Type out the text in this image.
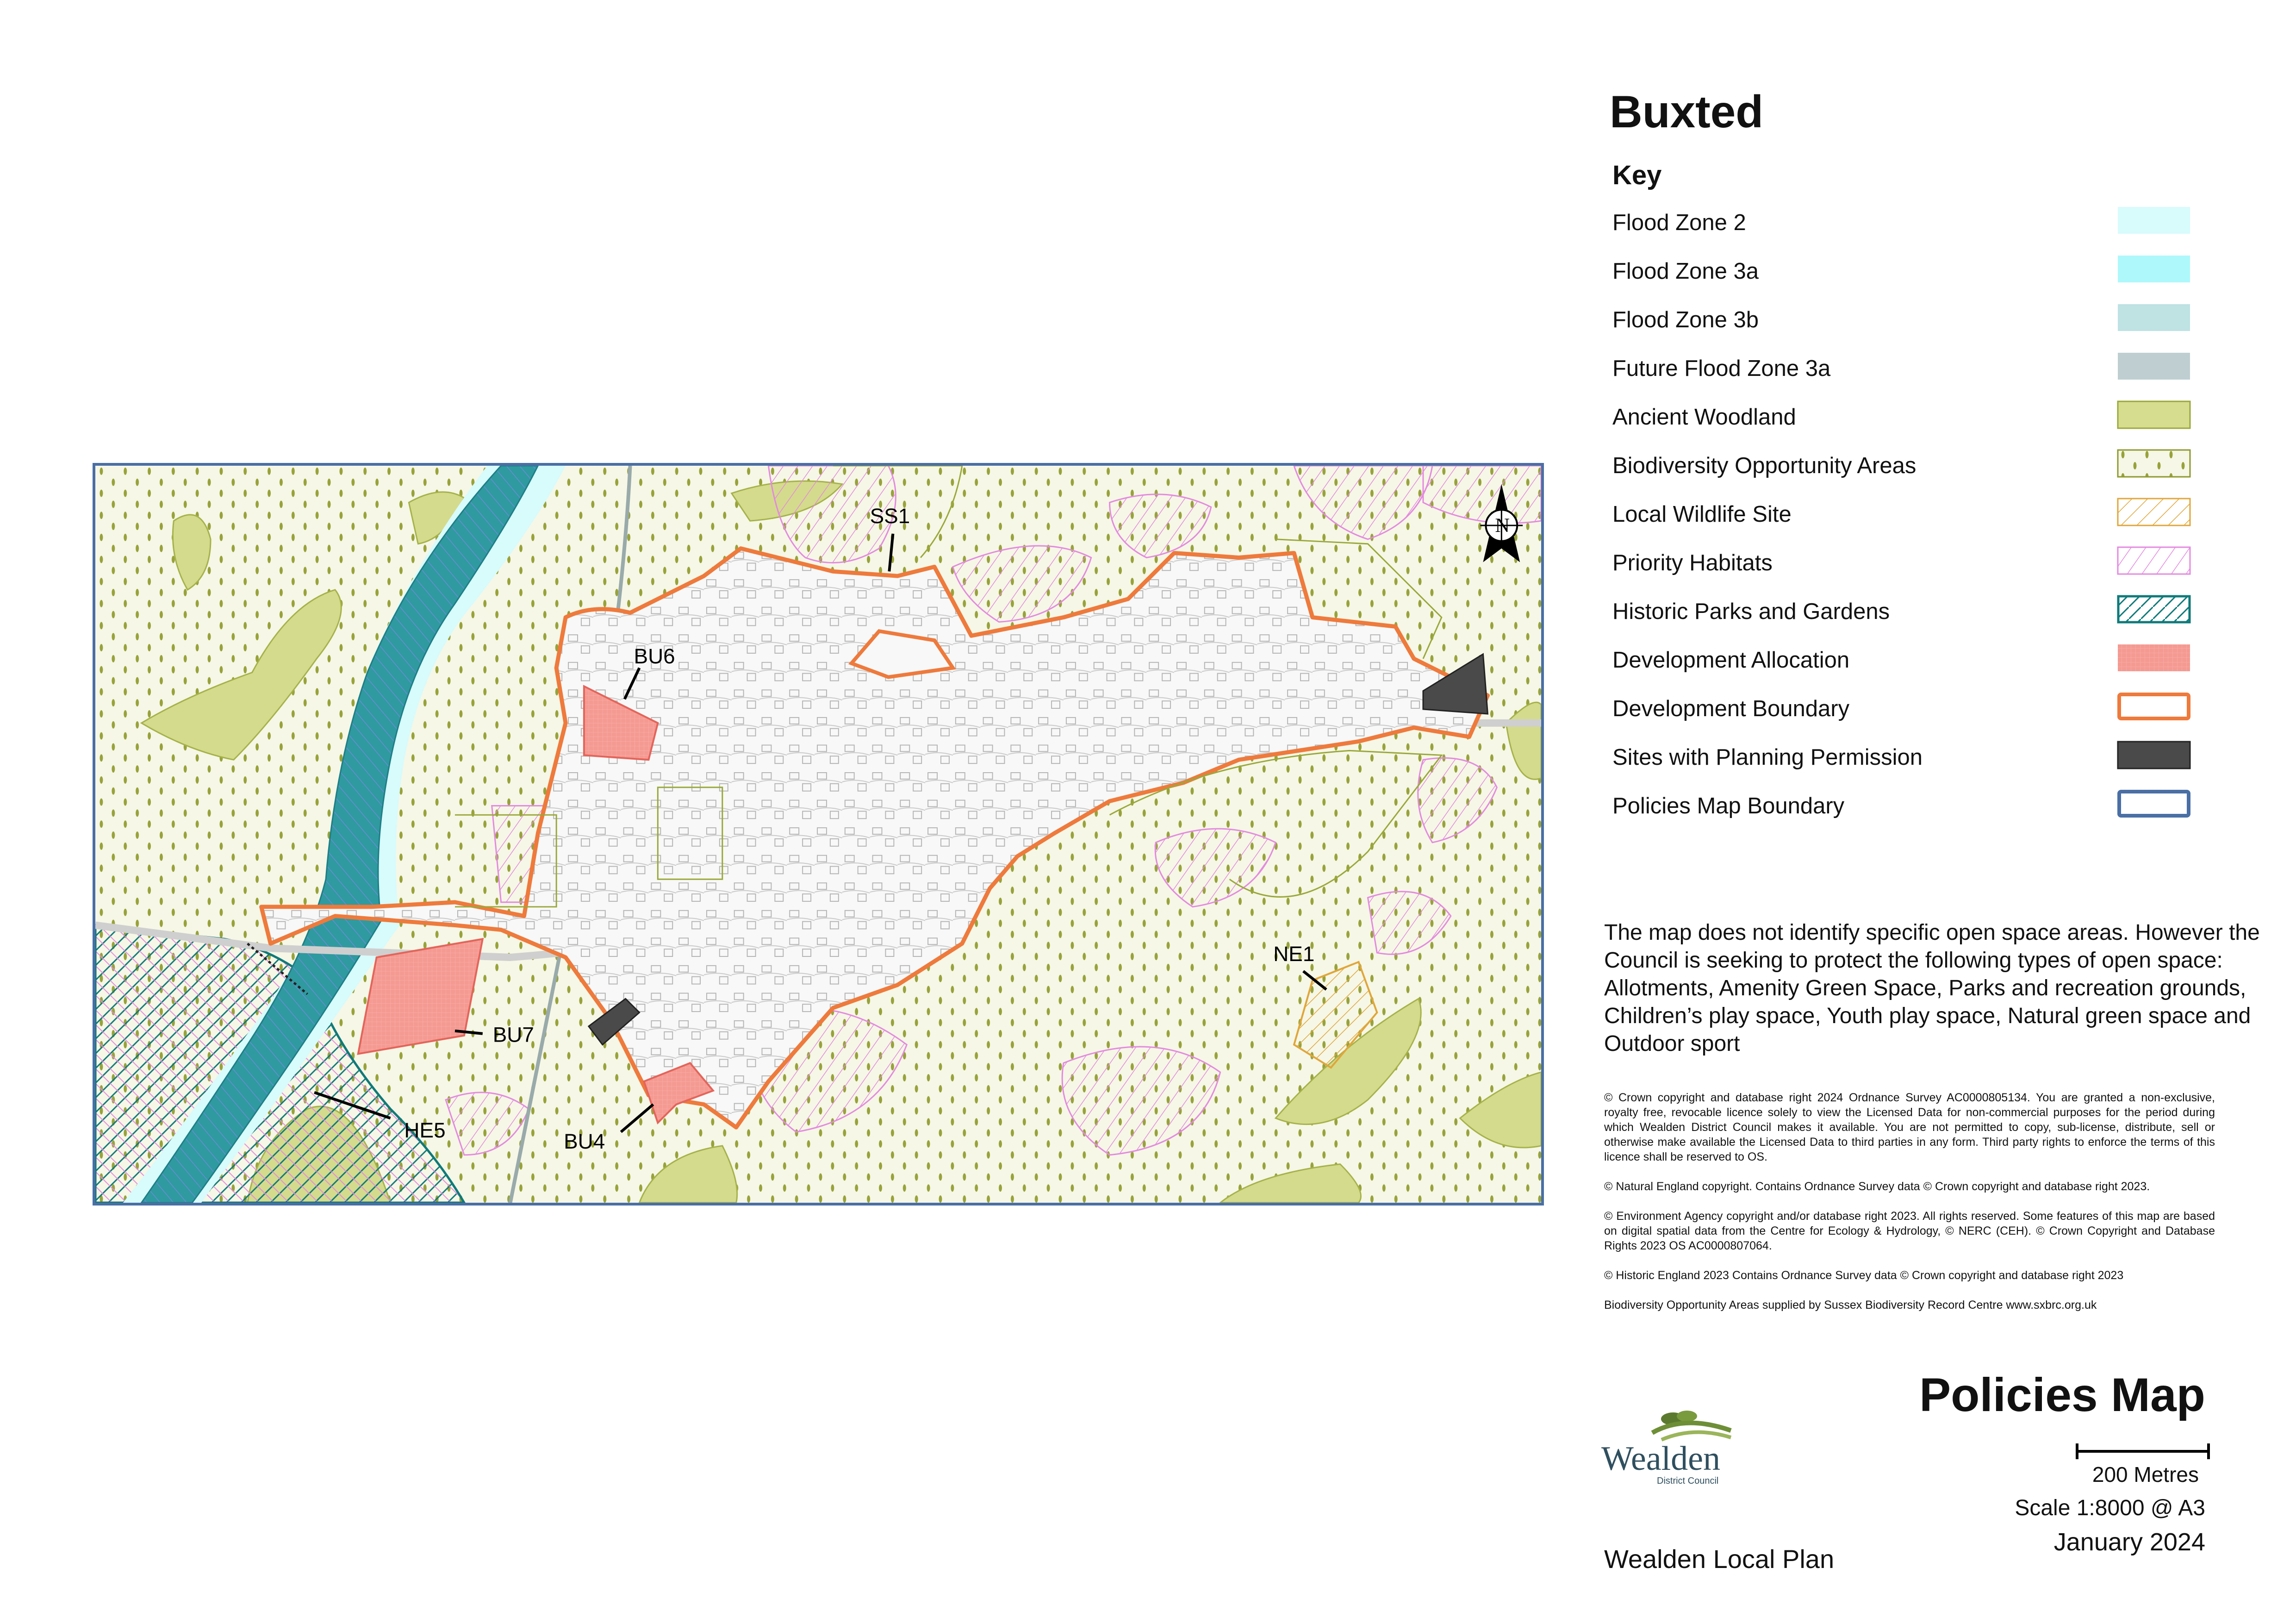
SS1
BU6
BU7
HE5	BU4
NE1
N
Buxted
Key
Flood Zone 2
Flood Zone 3a
Flood Zone 3b
Future Flood Zone 3a
Ancient Woodland
Biodiversity Opportunity Areas
Local Wildlife Site
Priority Habitats
Historic Parks and Gardens
Development Allocation
Development Boundary
Sites with Planning Permission
Policies Map Boundary
The map does not identify specific open space areas. However the Council is seeking to protect the following types of open space: Allotments, Amenity Green Space, Parks and recreation grounds, Children’s play space, Youth play space, Natural green space and Outdoor sport

© Crown copyright and database right 2024 Ordnance Survey AC0000805134. You are granted a non-exclusive, royalty free, revocable licence solely to view the Licensed Data for non-commercial purposes for the period during which Wealden District Council makes it available. You are not permitted to copy, sub-license, distribute, sell or otherwise make available the Licensed Data to third parties in any form. Third party rights to enforce the terms of this licence shall be reserved to OS.

© Natural England copyright. Contains Ordnance Survey data © Crown copyright and database right 2023.

© Environment Agency copyright and/or database right 2023. All rights reserved. Some features of this map are based on digital spatial data from the Centre for Ecology & Hydrology, © NERC (CEH). © Crown Copyright and Database Rights 2023 OS AC0000807064.

© Historic England 2023 Contains Ordnance Survey data © Crown copyright and database right 2023

Biodiversity Opportunity Areas supplied by Sussex Biodiversity Record Centre www.sxbrc.org.uk

Policies Map
200 Metres
Scale 1:8000 @ A3
January 2024
Wealden
District Council
Wealden Local Plan
